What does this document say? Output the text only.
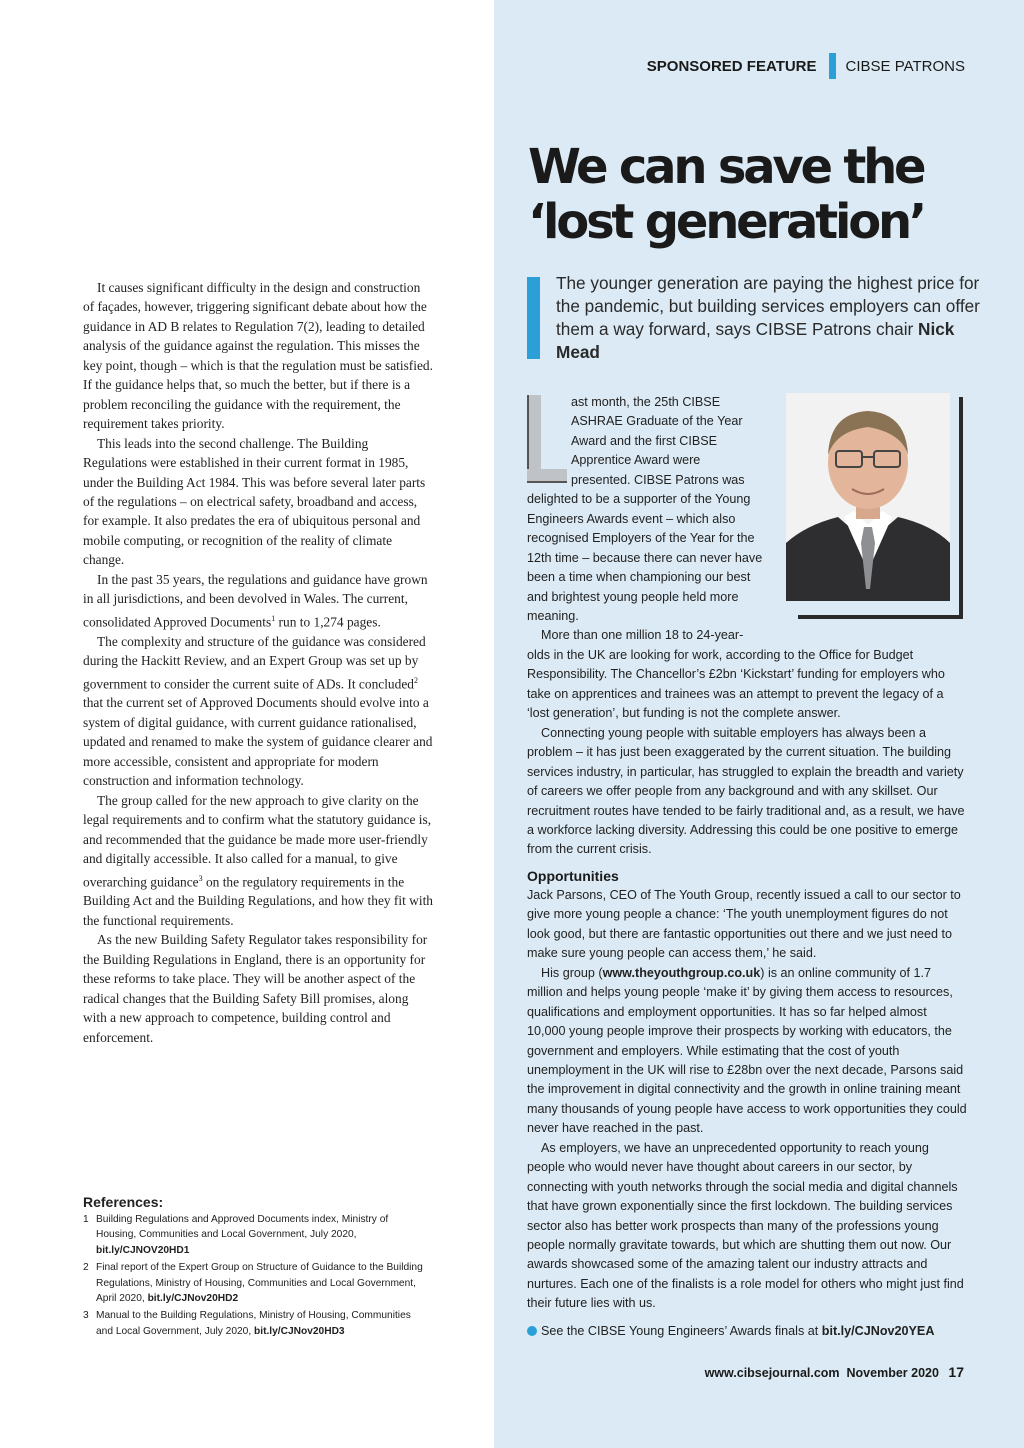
SPONSORED FEATURE CIBSE PATRONS
We can save the
‘lost generation’

The younger generation are paying the highest price for the pandemic, but building services employers can offer them a way forward, says CIBSE Patrons chair Nick Mead

ast month, the 25th CIBSE ASHRAE Graduate of the Year Award and the first CIBSE Apprentice Award were presented. CIBSE Patrons was delighted to be a supporter of the Young Engineers Awards event – which also recognised Employers of the Year for the 12th time – because there can never have been a time when championing our best and brightest young people held more meaning.

More than one million 18 to 24-year-

olds in the UK are looking for work, according to the Office for Budget Responsibility. The Chancellor’s £2bn ‘Kickstart’ funding for employers who take on apprentices and trainees was an attempt to prevent the legacy of a ‘lost generation’, but funding is not the complete answer.

Connecting young people with suitable employers has always been a problem – it has just been exaggerated by the current situation. The building services industry, in particular, has struggled to explain the breadth and variety of careers we offer people from any background and with any skillset. Our recruitment routes have tended to be fairly traditional and, as a result, we have a workforce lacking diversity. Addressing this could be one positive to emerge from the current crisis.

Opportunities

Jack Parsons, CEO of The Youth Group, recently issued a call to our sector to give more young people a chance: ‘The youth unemployment figures do not look good, but there are fantastic opportunities out there and we just need to make sure young people can access them,’ he said.

His group (www.theyouthgroup.co.uk) is an online community of 1.7 million and helps young people ‘make it’ by giving them access to resources, qualifications and employment opportunities. It has so far helped almost 10,000 young people improve their prospects by working with educators, the government and employers. While estimating that the cost of youth unemployment in the UK will rise to £28bn over the next decade, Parsons said the improvement in digital connectivity and the growth in online training meant many thousands of young people have access to work opportunities they could never have reached in the past.

As employers, we have an unprecedented opportunity to reach young people who would never have thought about careers in our sector, by connecting with youth networks through the social media and digital channels that have grown exponentially since the first lockdown. The building services sector also has better work prospects than many of the professions young people normally gravitate towards, but which are shutting them out now. Our awards showcased some of the amazing talent our industry attracts and nurtures. Each one of the finalists is a role model for others who might just find their future lies with us.

See the CIBSE Young Engineers’ Awards finals at bit.ly/CJNov20YEA

It causes significant difficulty in the design and construction of façades, however, triggering significant debate about how the guidance in AD B relates to Regulation 7(2), leading to detailed analysis of the guidance against the regulation. This misses the key point, though – which is that the regulation must be satisfied. If the guidance helps that, so much the better, but if there is a problem reconciling the guidance with the requirement, the requirement takes priority.

This leads into the second challenge. The Building Regulations were established in their current format in 1985, under the Building Act 1984. This was before several later parts of the regulations – on electrical safety, broadband and access, for example. It also predates the era of ubiquitous personal and mobile computing, or recognition of the reality of climate change.

In the past 35 years, the regulations and guidance have grown in all jurisdictions, and been devolved in Wales. The current, consolidated Approved Documents$^1$ run to 1,274 pages.

The complexity and structure of the guidance was considered during the Hackitt Review, and an Expert Group was set up by government to consider the current suite of ADs. It concluded$^2$ that the current set of Approved Documents should evolve into a system of digital guidance, with current guidance rationalised, updated and renamed to make the system of guidance clearer and more accessible, consistent and appropriate for modern construction and information technology.

The group called for the new approach to give clarity on the legal requirements and to confirm what the statutory guidance is, and recommended that the guidance be made more user-friendly and digitally accessible. It also called for a manual, to give overarching guidance$^3$ on the regulatory requirements in the Building Act and the Building Regulations, and how they fit with the functional requirements.

As the new Building Safety Regulator takes responsibility for the Building Regulations in England, there is an opportunity for these reforms to take place. They will be another aspect of the radical changes that the Building Safety Bill promises, along with a new approach to competence, building control and enforcement.

References:
1 Building Regulations and Approved Documents index, Ministry of Housing, Communities and Local Government, July 2020, bit.ly/CJNOV20HD1
2 Final report of the Expert Group on Structure of Guidance to the Building Regulations, Ministry of Housing, Communities and Local Government, April 2020, bit.ly/CJNov20HD2
3 Manual to the Building Regulations, Ministry of Housing, Communities and Local Government, July 2020, bit.ly/CJNov20HD3
www.cibsejournal.com November 2020 17
